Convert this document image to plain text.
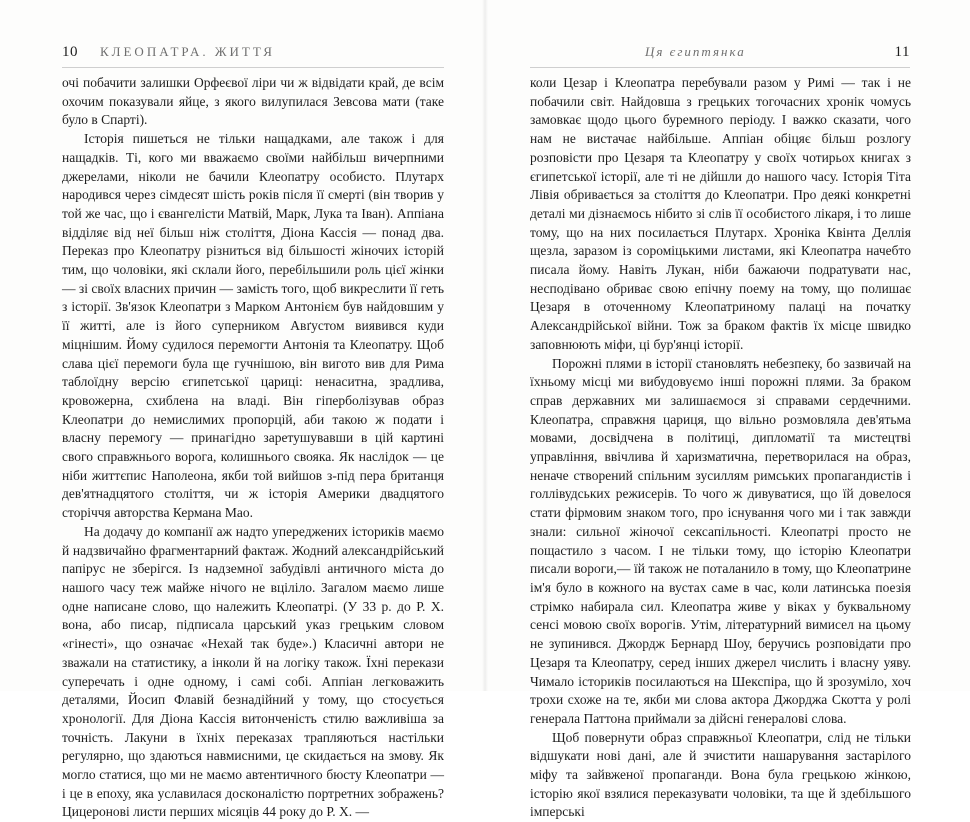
10 КЛЕОПАТРА. ЖИТТЯ

очі побачити залишки Орфеєвої ліри чи ж відвідати край, де всім охочим показували яйце, з якого вилупилася Зевсова мати (таке було в Спарті).

Історія пишеться не тільки нащадками, але також і для нащадків. Ті, кого ми вважаємо своїми найбільш вичерпними джерелами, ніколи не бачили Клеопатру особисто. Плутарх народився через сімдесят шість років після її смерті (він творив у той же час, що і євангелісти Матвій, Марк, Лука та Іван). Аппіана відділяє від неї більш ніж століття, Діона Кассія — понад два. Переказ про Клеопатру різниться від більшості жіночих історій тим, що чоловіки, які склали його, перебільшили роль цієї жінки — зі своїх власних причин — замість того, щоб викреслити її геть з історії. Зв'язок Клеопатри з Марком Антонієм був найдовшим у її житті, але із його суперником Авґустом виявився куди міцнішим. Йому судилося перемогти Антонія та Клеопатру. Щоб слава цієї перемоги була ще гучнішою, він вигото вив для Рима таблоїдну версію єгипетської цариці: ненаситна, зрадлива, кровожерна, схиблена на владі. Він гіперболізував образ Клеопатри до немислимих пропорцій, аби такою ж подати і власну перемогу — принагідно заретушувавши в цій картині свого справжнього ворога, колишнього свояка. Як наслідок — це ніби життєпис Наполеона, якби той вийшов з-під пера британця дев'ятнадцятого століття, чи ж історія Америки двадцятого сторіччя авторства Кермана Мао.

На додачу до компанії аж надто упереджених істориків маємо й надзвичайно фрагментарний фактаж. Жодний александрійський папірус не зберігся. Із надземної забудівлі античного міста до нашого часу теж майже нічого не вціліло. Загалом маємо лише одне написане слово, що належить Клеопатрі. (У 33 р. до Р. Х. вона, або писар, підписала царський указ грецьким словом «гінесті», що означає «Нехай так буде».) Класичні автори не зважали на статистику, а інколи й на логіку також. Їхні перекази суперечать і одне одному, і самі собі. Аппіан легковажить деталями, Йосип Флавій безнадійний у тому, що стосується хронології. Для Діона Кассія витонченість стилю важливіша за точність. Лакуни в їхніх переказах трапляються настільки регулярно, що здаються навмисними, це скидається на змову. Як могло статися, що ми не маємо автентичного бюсту Клеопатри — і це в епоху, яка уславилася досконалістю портретних зображень? Цицеронові листи перших місяців 44 року до Р. Х. —

Ця єгиптянка	11

коли Цезар і Клеопатра перебували разом у Римі — так і не побачили світ. Найдовша з грецьких тогочасних хронік чомусь замовкає щодо цього буремного періоду. І важко сказати, чого нам не вистачає найбільше. Аппіан обіцяє більш розлогу розповісти про Цезаря та Клеопатру у своїх чотирьох книгах з єгипетської історії, але ті не дійшли до нашого часу. Історія Тіта Лівія обривається за століття до Клеопатри. Про деякі конкретні деталі ми дізнаємось нібито зі слів її особистого лікаря, і то лише тому, що на них посилається Плутарх. Хроніка Квінта Деллія щезла, заразом із сороміцькими листами, які Клеопатра начебто писала йому. Навіть Лукан, ніби бажаючи подратувати нас, несподівано обриває свою епічну поему на тому, що полишає Цезаря в оточенному Клеопатриному палаці на початку Александрійської війни. Тож за браком фактів їх місце швидко заповнюють міфи, ці бур'янці історії.

Порожні плями в історії становлять небезпеку, бо зазвичай на їхньому місці ми вибудовуємо інші порожні плями. За браком справ державних ми залишаємося зі справами сердечними. Клеопатра, справжня цариця, що вільно розмовляла дев'ятьма мовами, досвідчена в політиці, дипломатії та мистецтві управління, ввічлива й харизматична, перетворилася на образ, неначе створений спільним зусиллям римських пропагандистів і голлівудських режисерів. То чого ж дивуватися, що їй довелося стати фірмовим знаком того, про існування чого ми і так завжди знали: сильної жіночої сексапільності. Клеопатрі просто не пощастило з часом. І не тільки тому, що історію Клеопатри писали вороги,— їй також не поталанило в тому, що Клеопатрине ім'я було в кожного на вустах саме в час, коли латинська поезія стрімко набирала сил. Клеопатра живе у віках у буквальному сенсі мовою своїх ворогів. Утім, літературний вимисел на цьому не зупинився. Джордж Бернард Шоу, беручись розповідати про Цезаря та Клеопатру, серед інших джерел числить і власну уяву. Чимало істориків посилаються на Шекспіра, що й зрозуміло, хоч трохи схоже на те, якби ми слова актора Джорджа Скотта у ролі генерала Паттона приймали за дійсні генералові слова.

Щоб повернути образ справжньої Клеопатри, слід не тільки відшукати нові дані, але й зчистити нашарування застарілого міфу та зайвженої пропаганди. Вона була грецькою жінкою, історію якої взялися переказувати чоловіки, та ще й здебільшого імперські
